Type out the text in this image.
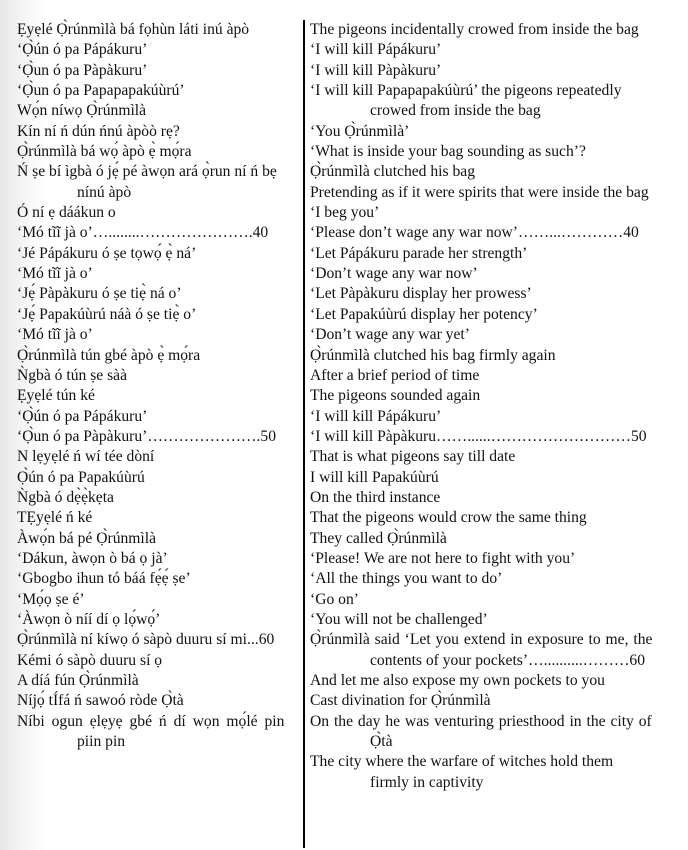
Ẹyẹlé Ọ̀rúnmìlà bá fọhùn láti inú àpò
‘Ọ̀ún ó pa Pápákuru’
‘Ọ̀un ó pa Pàpàkuru’
‘Ọ̀un ó pa Papapapakúùrú’
Wọ́n níwọ Ọ̀rúnmìlà
Kín ní ń dún ńnú àpòò rẹ?
Ọ̀rúnmìlà bá wọ́ àpò ẹ̀ mọ́ra
Ń ṣe bí ìgbà ó jẹ́ pé àwọn ará ọ̀run ní ń bẹ
nínú àpò
Ó ní ẹ dáákun o
‘Mó tĩĩ jà o’…........………………….40
‘Jé Pápákuru ó ṣe tọwọ́ ẹ̀ ná’
‘Mó tĩĩ jà o’
‘Jẹ́ Pàpàkuru ó ṣe tiẹ̀ ná o’
‘Jẹ́ Papakúùrú náà ó ṣe tiẹ̀ o’
‘Mó tĩĩ jà o’
Ọ̀rúnmìlà tún gbé àpò ẹ̀ mọ́ra
Ǹgbà ó tún ṣe sàà
Ẹyẹlé tún ké
‘Ọ̀ún ó pa Pápákuru’
‘Ọ̀un ó pa Pàpàkuru’………………….50
N lẹyẹlé ń wí tée dòní
Ọ̀ún ó pa Papakúùrú
Ǹgbà ó dẹ̀ẹ̀kẹta
TẸyẹlé ń ké
Àwọ́n bá pé Ọ̀rúnmìlà
‘Dákun, àwọn ò bá ọ jà’
‘Gbogbo ihun tó báá fẹ́ẹ́ ṣe’
‘Mọ́ọ ṣe é’
‘Àwọn ò níí dí ọ lọ́wọ́’
Ọ̀rúnmìlà ní kíwọ ó sàpò duuru sí mi...60
Kémi ó sàpò duuru sí ọ
A díá fún Ọ̀rúnmìlà
Níjọ́ tÍfá ń sawoó ròde Ọ̀tà
Níbi ogun ẹlẹyẹ gbé ń dí wọn mọ́lé pin
piin pin
The pigeons incidentally crowed from inside the bag
‘I will kill Pápákuru’
‘I will kill Pàpàkuru’
‘I will kill Papapapakúùrú’ the pigeons repeatedly
crowed from inside the bag
‘You Ọ̀rúnmìlà’
‘What is inside your bag sounding as such’?
Ọ̀rúnmìlà clutched his bag
Pretending as if it were spirits that were inside the bag
‘I beg you’
‘Please don’t wage any war now’……...…………40
‘Let Pápákuru parade her strength’
‘Don’t wage any war now’
‘Let Pàpàkuru display her prowess’
‘Let Papakúùrú display her potency’
‘Don’t wage any war yet’
Ọ̀rúnmìlà clutched his bag firmly again
After a brief period of time
The pigeons sounded again
‘I will kill Pápákuru’
‘I will kill Pàpàkuru……......………………………50
That is what pigeons say till date
I will kill Papakúùrú
On the third instance
That the pigeons would crow the same thing
They called Ọ̀rúnmìlà
‘Please! We are not here to fight with you’
‘All the things you want to do’
‘Go on’
‘You will not be challenged’
Ọ̀rúnmìlà said ‘Let you extend in exposure to me, the
contents of your pockets’…..........………60
And let me also expose my own pockets to you
Cast divination for Ọ̀rúnmìlà
On the day he was venturing priesthood in the city of
Ọ̀tà
The city where the warfare of witches hold them
firmly in captivity
